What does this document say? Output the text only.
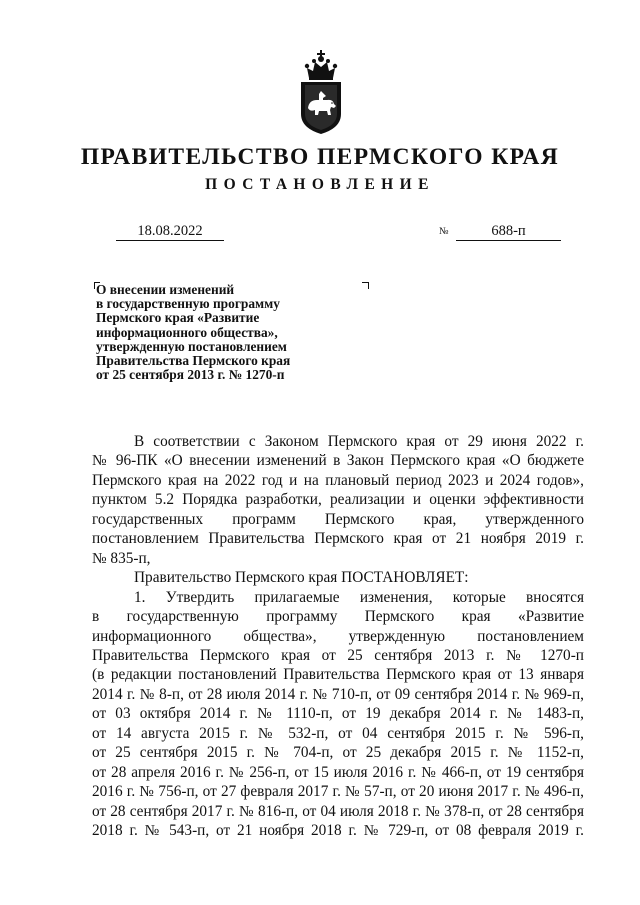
ПРАВИТЕЛЬСТВО ПЕРМСКОГО КРАЯ
ПОСТАНОВЛЕНИЕ
18.08.2022	№	688-п
О внесении изменений
в государственную программу
Пермского края «Развитие
информационного общества»,
утвержденную постановлением
Правительства Пермского края
от 25 сентября 2013 г. № 1270-п

В соответствии с Законом Пермского края от 29 июня 2022 г.
№ 96-ПК «О внесении изменений в Закон Пермского края «О бюджете
Пермского края на 2022 год и на плановый период 2023 и 2024 годов»,
пунктом 5.2 Порядка разработки, реализации и оценки эффективности
государственных программ Пермского края, утвержденного
постановлением Правительства Пермского края от 21 ноября 2019 г.
№ 835-п,

Правительство Пермского края ПОСТАНОВЛЯЕТ:

1. Утвердить прилагаемые изменения, которые вносятся
в государственную программу Пермского края «Развитие
информационного общества», утвержденную постановлением
Правительства Пермского края от 25 сентября 2013 г. № 1270-п
(в редакции постановлений Правительства Пермского края от 13 января
2014 г. № 8-п, от 28 июля 2014 г. № 710-п, от 09 сентября 2014 г. № 969-п,
от 03 октября 2014 г. № 1110-п, от 19 декабря 2014 г. № 1483-п,
от 14 августа 2015 г. № 532-п, от 04 сентября 2015 г. № 596-п,
от 25 сентября 2015 г. № 704-п, от 25 декабря 2015 г. № 1152-п,
от 28 апреля 2016 г. № 256-п, от 15 июля 2016 г. № 466-п, от 19 сентября
2016 г. № 756-п, от 27 февраля 2017 г. № 57-п, от 20 июня 2017 г. № 496-п,
от 28 сентября 2017 г. № 816-п, от 04 июля 2018 г. № 378-п, от 28 сентября
2018 г. № 543-п, от 21 ноября 2018 г. № 729-п, от 08 февраля 2019 г.
